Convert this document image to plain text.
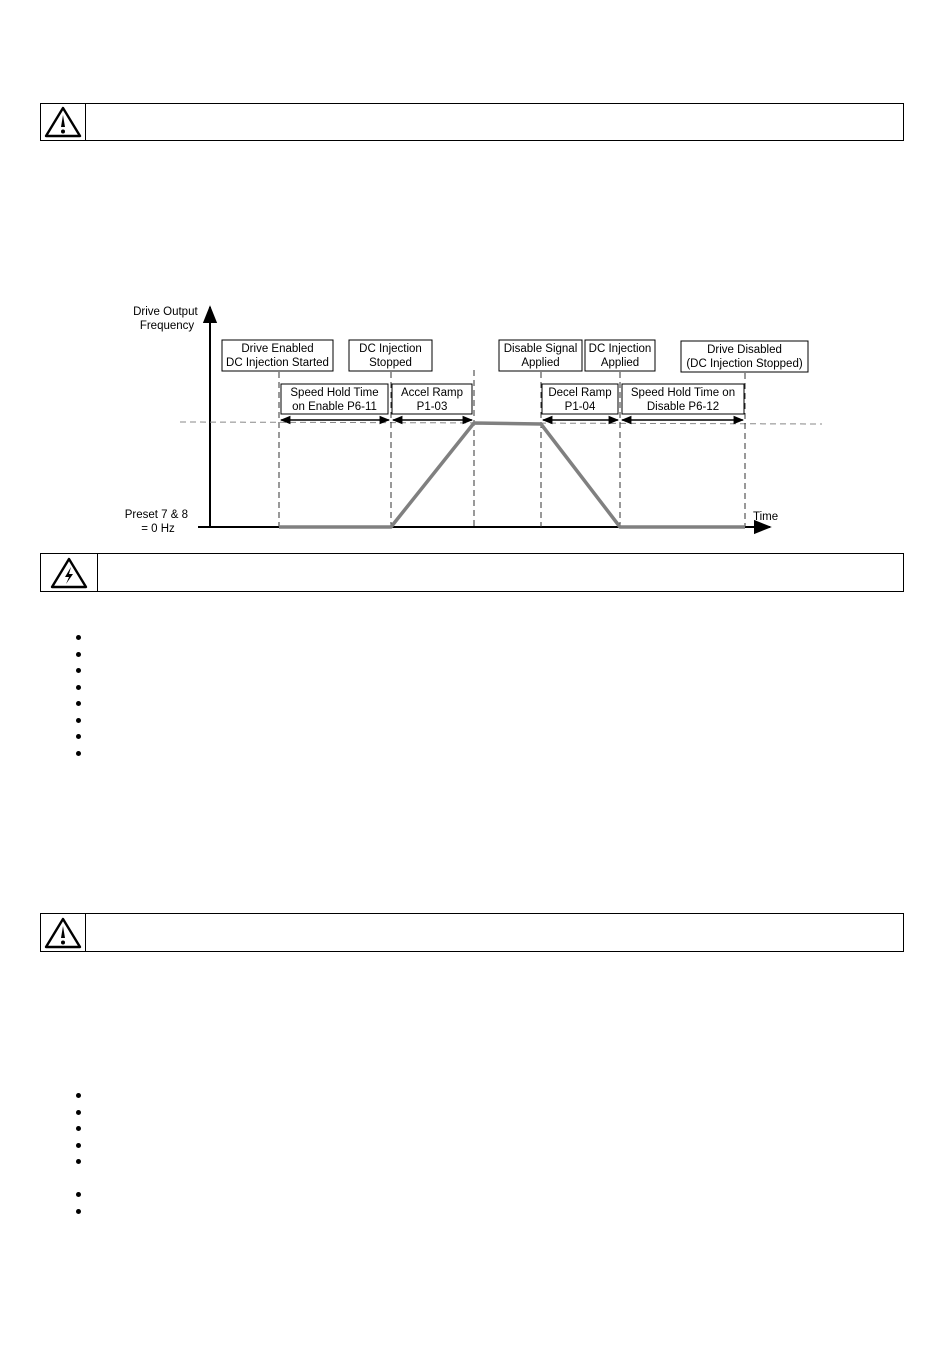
Drive Output Frequency
Preset 7 & 8 = 0 Hz
Time
Drive Enabled DC Injection Started
DC Injection Stopped
Disable Signal Applied
DC Injection Applied
Drive Disabled (DC Injection Stopped)
Speed Hold Time on Enable P6-11
Accel Ramp P1-03
Decel Ramp P1-04
Speed Hold Time on Disable P6-12
